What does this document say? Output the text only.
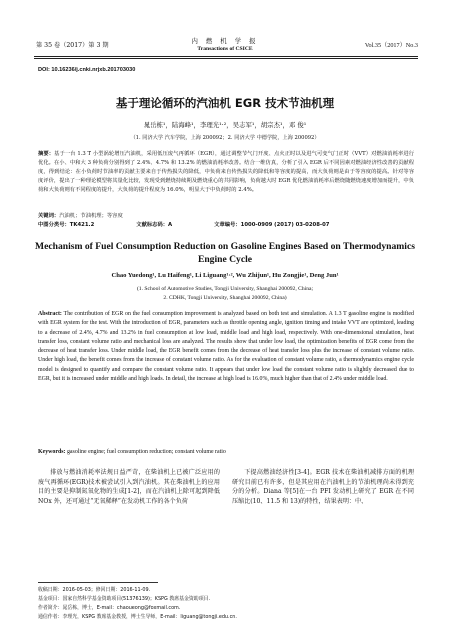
第 35 卷（2017）第 3 期
内 燃 机 学 报
Transactions of CSICE	Vol.35（2017）No.3
DOI: 10.16236/j.cnki.nrjxb.201703030
基于理论循环的汽油机 EGR 技术节油机理
晁岳栋¹，陆海峰¹，李理光¹·²，吴志军¹，胡宗杰¹，邓 俊¹
（1. 同济大学 汽车学院，上海 200092；2. 同济大学 中德学院，上海 200092）
摘要：基于一台 1.3 T 小型涡轮增压汽油机，采用低压废气再循环（EGR），通过调整节气门开度、点火正时以及进气可变气门正时（VVT）对燃油消耗率进行优化。在小、中和大 3 种负荷分别得到了 2.4%、4.7% 和 13.2% 的燃油消耗率改善。结合一维仿真，分析了引入 EGR 后不同因素对燃油经济性改善的贡献程度，得到结论：在小负荷时节油率的贡献主要来自于传热损失的降低，中负荷来自传热损失的降低和等容度的提高，而大负荷则是由于等容度的提高。针对等容度评价，提出了一种理论模型将其量化比较，发现受到燃烧持续期及燃烧重心的共同影响，负荷越大时 EGR 优化燃油消耗率后燃烧随燃烧速度增加而提升，中负荷和大负荷则有不同程度的提升，大负荷的提升程度为 16.0%，明显大于中负荷时的 2.4%。
关键词：汽油机；节油机理；等容度
中图分类号：TK421.2	文献标志码：A	文章编号：1000-0909 (2017) 03-0208-07
Mechanism of Fuel Consumption Reduction on Gasoline Engines Based on Thermodynamics Engine Cycle
Chao Yuedong¹, Lu Haifeng¹, Li Liguang¹·², Wu Zhijun¹, Hu Zongjie¹, Deng Jun¹
(1. School of Automotive Studies, Tongji University, Shanghai 200092, China;
2. CDHK, Tongji University, Shanghai 200092, China)
Abstract: The contribution of EGR on the fuel consumption improvement is analyzed based on both test and simulation. A 1.3 T gasoline engine is modified with EGR system for the test. With the introduction of EGR, parameters such as throttle opening angle, ignition timing and intake VVT are optimized, leading to a decrease of 2.4%, 4.7% and 13.2% in fuel consumption at low load, middle load and high load, respectively. With one-dimensional simulation, heat transfer loss, constant volume ratio and mechanical loss are analyzed. The results show that under low load, the optimization benefits of EGR come from the decrease of heat transfer loss. Under middle load, the EGR benefit comes from the decrease of heat transfer loss plus the increase of constant volume ratio. Under high load, the benefit comes from the increase of constant volume ratio. As for the evaluation of constant volume ratio, a thermodynamics engine cycle model is designed to quantify and compare the constant volume ratio. It appears that under low load the constant volume ratio is slightly decreased due to EGR, but it is increased under middle and high loads. In detail, the increase at high load is 16.0%, much higher than that of 2.4% under middle load.
Keywords: gasoline engine; fuel consumption reduction; constant volume ratio
排放与燃油消耗率法规日益严苛，在柴油机上已被广泛应用的废气再循环(EGR)技术被尝试引入到汽油机。其在柴油机上的应用目的主要是抑制氮氧化物的生成[1-2]，而在汽油机上除可起到降低 NOx 外，还可通过“无氧稀释”在发动机工作的各个负荷
下提高燃油经济性[3-4]。EGR 技术在柴油机减排方面的机理研究目前已有许多，但是其应用在汽油机上的节油机理尚未得到充分的分析。Diana 等[5]在一台 PFI 发动机上研究了 EGR 在不同压缩比(10、11.5 和 13)的特性，结果表明：中、
收稿日期：2016-05-03；修回日期：2016-11-09.
基金项目：国家自然科学基金资助项目(51376139)；KSPG 教席基金资助项目.
作者简介：晁岳栋，博士，E-mail：chaoueong@foxmail.com.
通信作者：李理光，KSPG 教席基金教授，博士生导师，E-mail：liguang@tongji.edu.cn.
